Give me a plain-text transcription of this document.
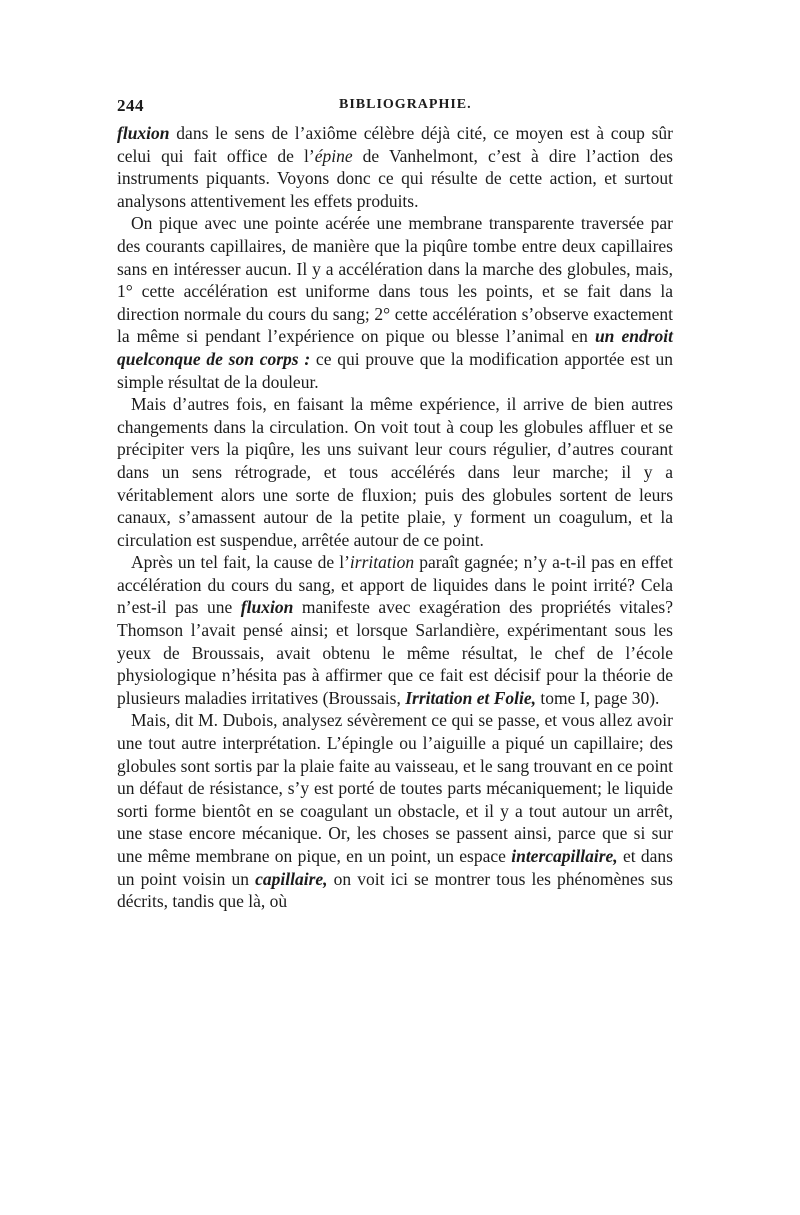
244	BIBLIOGRAPHIE.

fluxion dans le sens de l’axiôme célèbre déjà cité, ce moyen est à coup sûr celui qui fait office de l’épine de Vanhelmont, c’est à dire l’action des instruments piquants. Voyons donc ce qui résulte de cette action, et surtout analysons attentivement les effets produits.

On pique avec une pointe acérée une membrane transparente traversée par des courants capillaires, de manière que la piqûre tombe entre deux capillaires sans en intéresser aucun. Il y a accélération dans la marche des globules, mais, 1° cette accélération est uniforme dans tous les points, et se fait dans la direction normale du cours du sang; 2° cette accélération s’observe exactement la même si pendant l’expérience on pique ou blesse l’animal en un endroit quelconque de son corps : ce qui prouve que la modification apportée est un simple résultat de la douleur.

Mais d’autres fois, en faisant la même expérience, il arrive de bien autres changements dans la circulation. On voit tout à coup les globules affluer et se précipiter vers la piqûre, les uns suivant leur cours régulier, d’autres courant dans un sens rétrograde, et tous accélérés dans leur marche; il y a véritablement alors une sorte de fluxion; puis des globules sortent de leurs canaux, s’amassent autour de la petite plaie, y forment un coagulum, et la circulation est suspendue, arrêtée autour de ce point.

Après un tel fait, la cause de l’irritation paraît gagnée; n’y a-t-il pas en effet accélération du cours du sang, et apport de liquides dans le point irrité? Cela n’est-il pas une fluxion manifeste avec exagération des propriétés vitales? Thomson l’avait pensé ainsi; et lorsque Sarlandière, expérimentant sous les yeux de Broussais, avait obtenu le même résultat, le chef de l’école physiologique n’hésita pas à affirmer que ce fait est décisif pour la théorie de plusieurs maladies irritatives (Broussais, Irritation et Folie, tome I, page 30).

Mais, dit M. Dubois, analysez sévèrement ce qui se passe, et vous allez avoir une tout autre interprétation. L’épingle ou l’aiguille a piqué un capillaire; des globules sont sortis par la plaie faite au vaisseau, et le sang trouvant en ce point un défaut de résistance, s’y est porté de toutes parts mécaniquement; le liquide sorti forme bientôt en se coagulant un obstacle, et il y a tout autour un arrêt, une stase encore mécanique. Or, les choses se passent ainsi, parce que si sur une même membrane on pique, en un point, un espace intercapillaire, et dans un point voisin un capillaire, on voit ici se montrer tous les phénomènes sus décrits, tandis que là, où
